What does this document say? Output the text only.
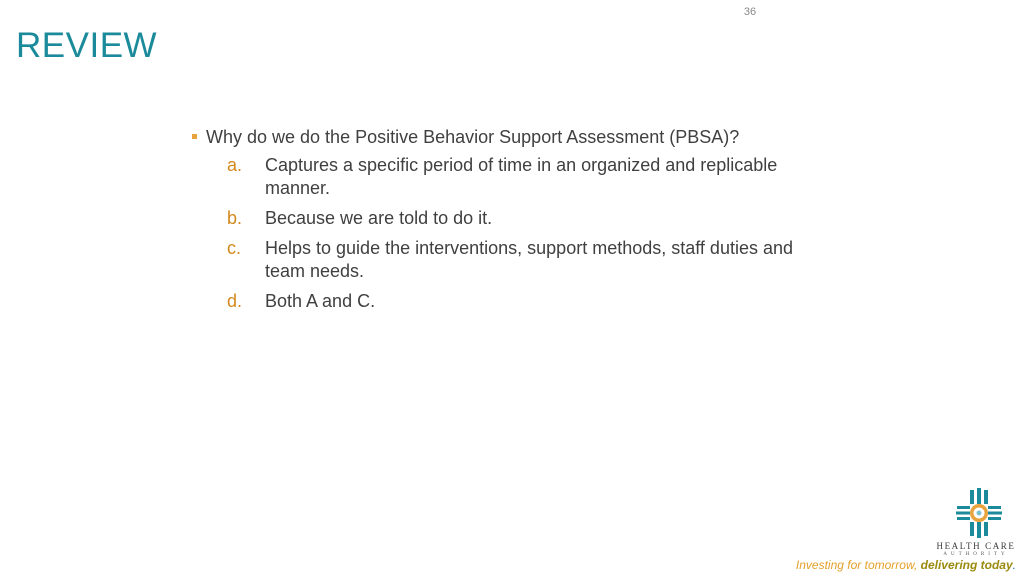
36
REVIEW
Why do we do the Positive Behavior Support Assessment (PBSA)?
a.	Captures a specific period of time in an organized and replicable manner.
b.	Because we are told to do it.
c.	Helps to guide the interventions, support methods, staff duties and team needs.
d.	Both A and C.
HEALTH CARE
AUTHORITY
Investing for tomorrow, delivering today.
